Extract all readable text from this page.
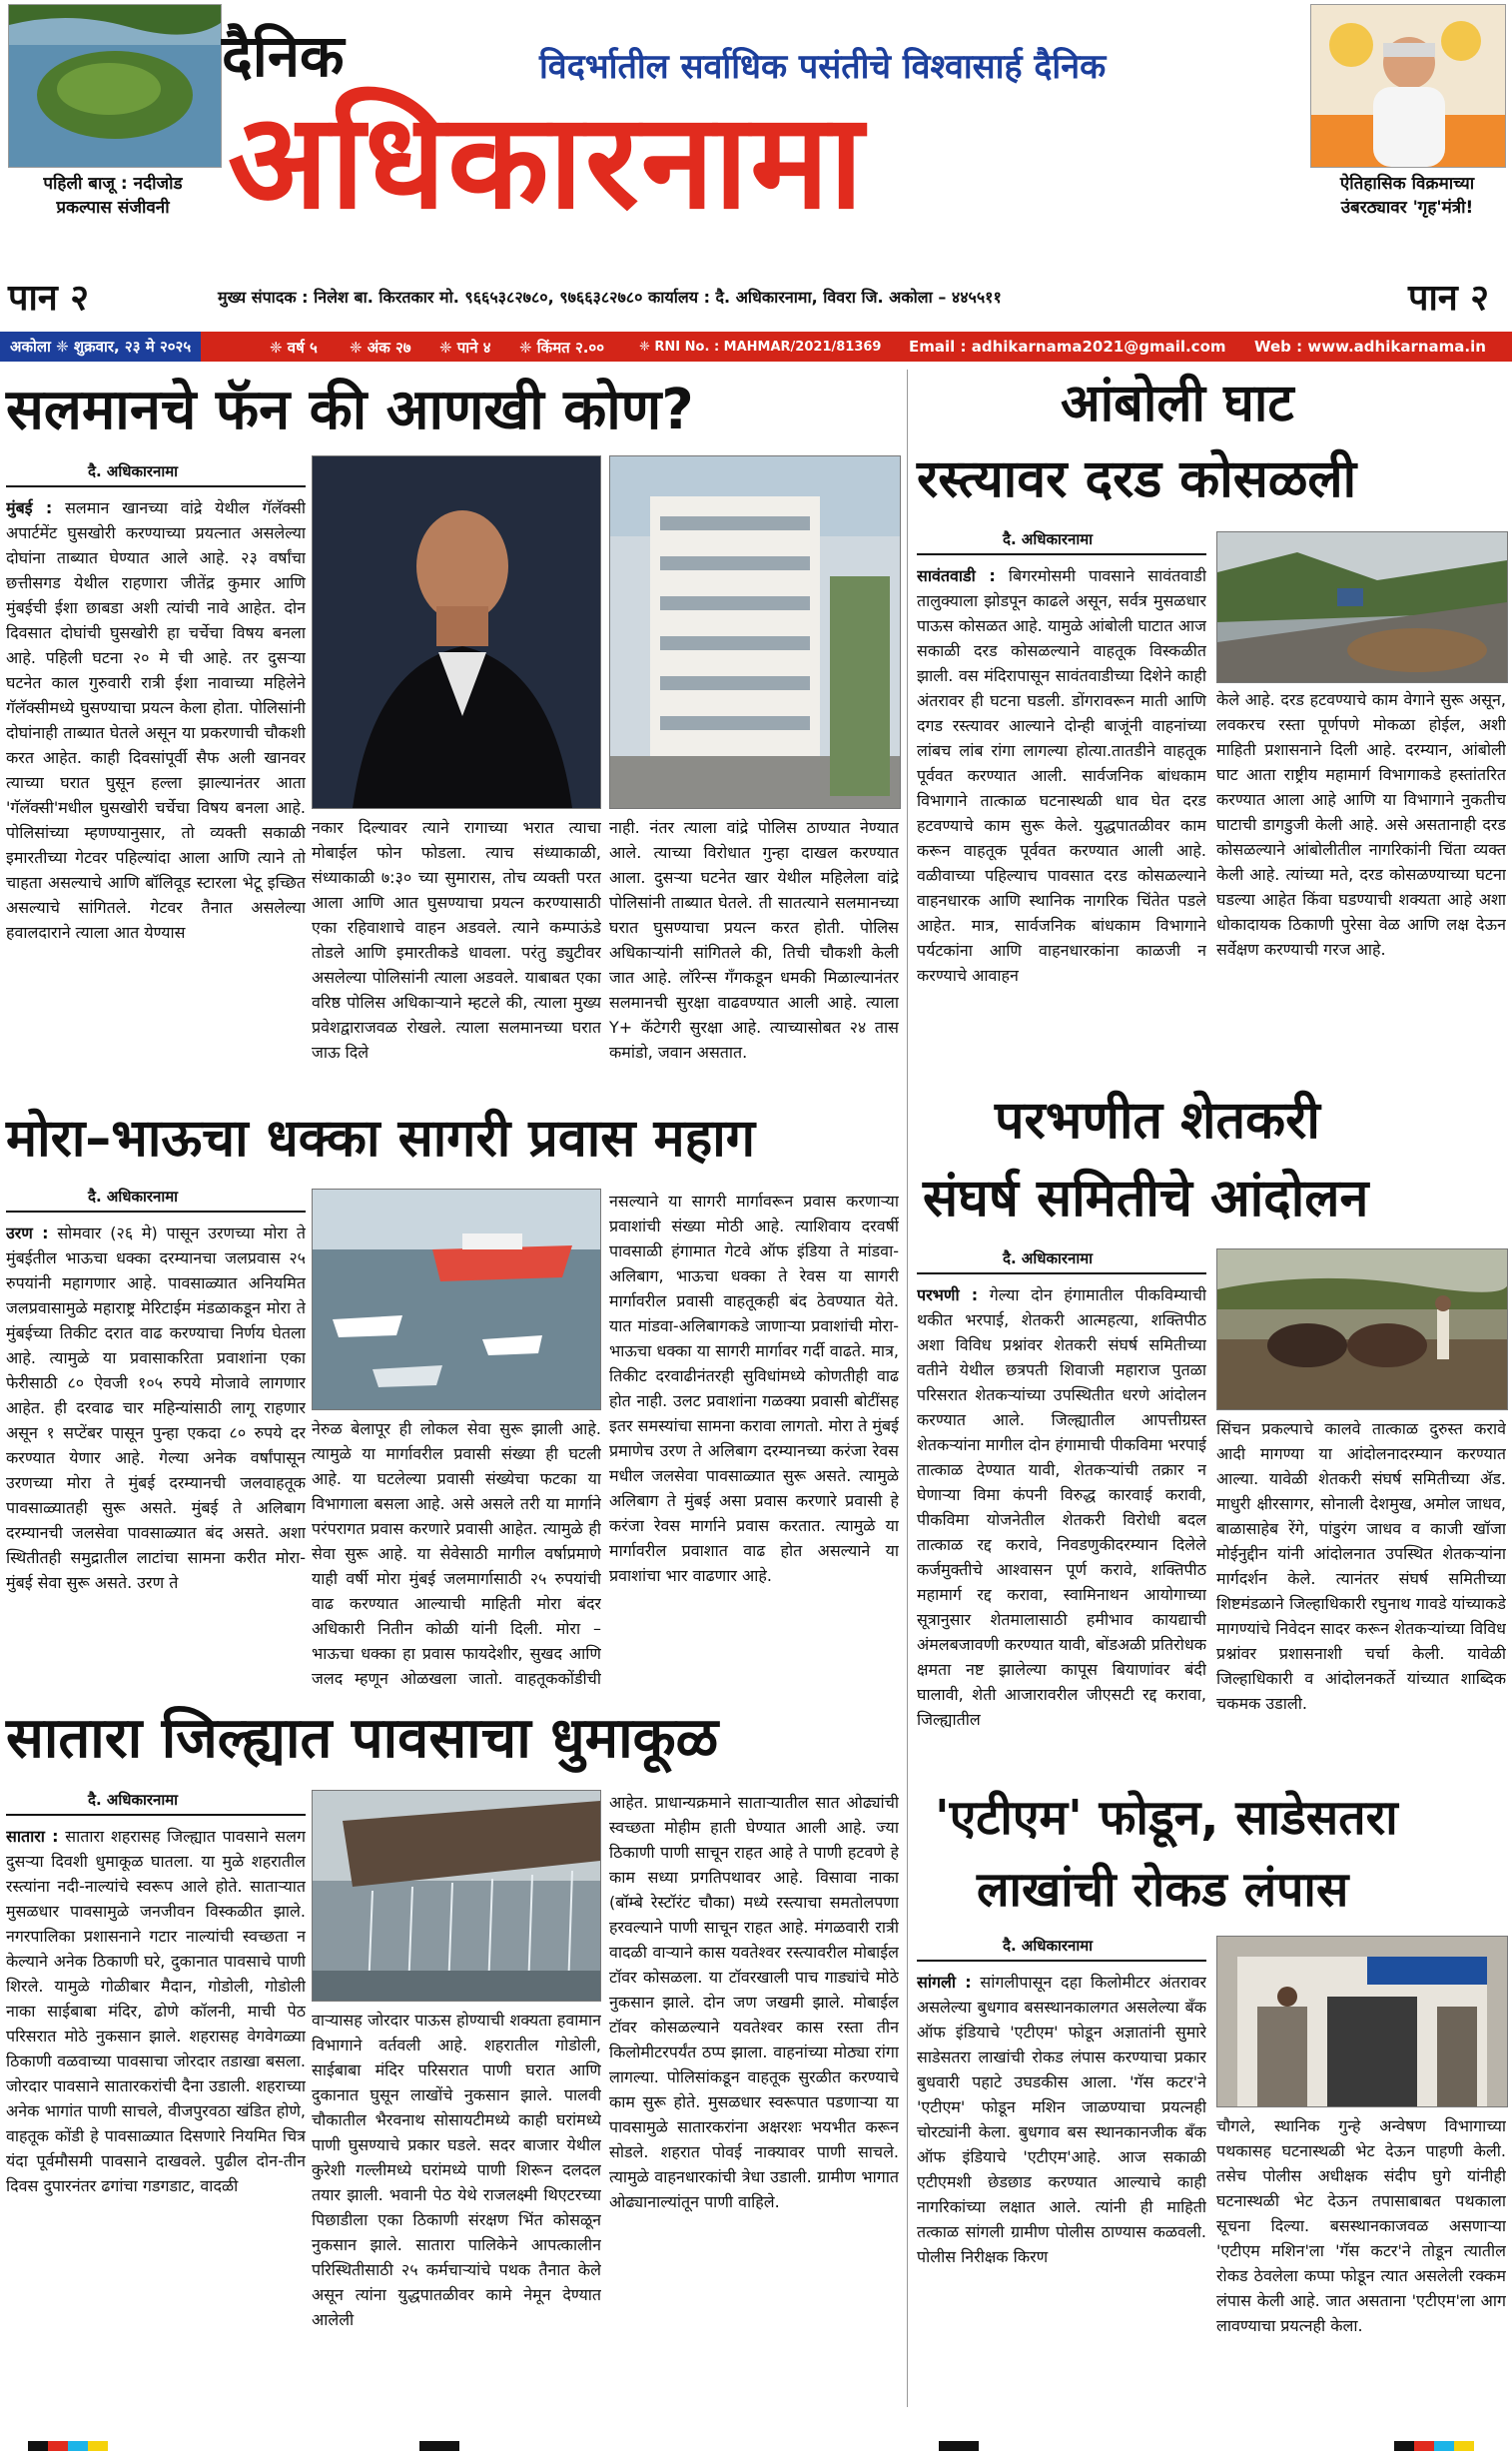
पहिली बाजू : नदीजोड प्रकल्पास संजीवनी
दैनिक	विदर्भातील सर्वाधिक पसंतीचे विश्वासार्ह दैनिक
अधिकारनामा	ऐतिहासिक विक्रमाच्या उंबरठ्यावर 'गृह'मंत्री!
पान २	मुख्य संपादक : निलेश बा. किरतकार मो. ९६६५३८२७८०, ९७६६३८२७८० कार्यालय : दै. अधिकारनामा, विवरा जि. अकोला – ४४५५११	पान २
अकोला ❈ शुक्रवार, २३ मे २०२५	❈ वर्ष ५ ❈ अंक २७ ❈ पाने ४ ❈ किंमत २.००	❈ RNI No. : MAHMAR/2021/81369 Email : adhikarnama2021@gmail.com Web : www.adhikarnama.in
सलमानचे फॅन की आणखी कोण?
दै. अधिकारनामा
मुंबई : सलमान खानच्या वांद्रे येथील गॅलॅक्सी अपार्टमेंट घुसखोरी करण्याच्या प्रयत्नात असलेल्या दोघांना ताब्यात घेण्यात आले आहे. २३ वर्षांचा छत्तीसगड येथील राहणारा जीतेंद्र कुमार आणि मुंबईची ईशा छाबडा अशी त्यांची नावे आहेत. दोन दिवसात दोघांची घुसखोरी हा चर्चेचा विषय बनला आहे. पहिली घटना २० मे ची आहे. तर दुसऱ्या घटनेत काल गुरुवारी रात्री ईशा नावाच्या महिलेने गॅलॅक्सीमध्ये घुसण्याचा प्रयत्न केला होता. पोलिसांनी दोघांनाही ताब्यात घेतले असून या प्रकरणाची चौकशी करत आहेत. काही दिवसांपूर्वी सैफ अली खानवर त्याच्या घरात घुसून हल्ला झाल्यानंतर आता 'गॅलॅक्सी'मधील घुसखोरी चर्चेचा विषय बनला आहे. पोलिसांच्या म्हणण्यानुसार, तो व्यक्ती सकाळी इमारतीच्या गेटवर पहिल्यांदा आला आणि त्याने तो चाहता असल्याचे आणि बॉलिवूड स्टारला भेटू इच्छित असल्याचे सांगितले. गेटवर तैनात असलेल्या हवालदाराने त्याला आत येण्यास
नकार दिल्यावर त्याने रागाच्या भरात त्याचा मोबाईल फोन फोडला. त्याच संध्याकाळी, संध्याकाळी ७:३० च्या सुमारास, तोच व्यक्ती परत आला आणि आत घुसण्याचा प्रयत्न करण्यासाठी एका रहिवाशाचे वाहन अडवले. त्याने कम्पाऊंडे तोडले आणि इमारतीकडे धावला. परंतु ड्युटीवर असलेल्या पोलिसांनी त्याला अडवले. याबाबत एका वरिष्ठ पोलिस अधिकाऱ्याने म्हटले की, त्याला मुख्य प्रवेशद्वाराजवळ रोखले. त्याला सलमानच्या घरात जाऊ दिले
नाही. नंतर त्याला वांद्रे पोलिस ठाण्यात नेण्यात आले. त्याच्या विरोधात गुन्हा दाखल करण्यात आला. दुसऱ्या घटनेत खार येथील महिलेला वांद्रे पोलिसांनी ताब्यात घेतले. ती सातत्याने सलमानच्या घरात घुसण्याचा प्रयत्न करत होती. पोलिस अधिकाऱ्यांनी सांगितले की, तिची चौकशी केली जात आहे. लॉरेन्स गँगकडून धमकी मिळाल्यानंतर सलमानची सुरक्षा वाढवण्यात आली आहे. त्याला Y+ कॅटेगरी सुरक्षा आहे. त्याच्यासोबत २४ तास कमांडो, जवान असतात.
आंबोली घाट
रस्त्यावर दरड कोसळली
दै. अधिकारनामा
सावंतवाडी : बिगरमोसमी पावसाने सावंतवाडी तालुक्याला झोडपून काढले असून, सर्वत्र मुसळधार पाऊस कोसळत आहे. यामुळे आंबोली घाटात आज सकाळी दरड कोसळल्याने वाहतूक विस्कळीत झाली. वस मंदिरापासून सावंतवाडीच्या दिशेने काही अंतरावर ही घटना घडली. डोंगरावरून माती आणि दगड रस्त्यावर आल्याने दोन्ही बाजूंनी वाहनांच्या लांबच लांब रांगा लागल्या होत्या.तातडीने वाहतूक पूर्ववत करण्यात आली. सार्वजनिक बांधकाम विभागाने तात्काळ घटनास्थळी धाव घेत दरड हटवण्याचे काम सुरू केले. युद्धपातळीवर काम करून वाहतूक पूर्ववत करण्यात आली आहे. वळीवाच्या पहिल्याच पावसात दरड कोसळल्याने वाहनधारक आणि स्थानिक नागरिक चिंतेत पडले आहेत. मात्र, सार्वजनिक बांधकाम विभागाने पर्यटकांना आणि वाहनधारकांना काळजी न करण्याचे आवाहन
केले आहे. दरड हटवण्याचे काम वेगाने सुरू असून, लवकरच रस्ता पूर्णपणे मोकळा होईल, अशी माहिती प्रशासनाने दिली आहे. दरम्यान, आंबोली घाट आता राष्ट्रीय महामार्ग विभागाकडे हस्तांतरित करण्यात आला आहे आणि या विभागाने नुकतीच घाटाची डागडुजी केली आहे. असे असतानाही दरड कोसळल्याने आंबोलीतील नागरिकांनी चिंता व्यक्त केली आहे. त्यांच्या मते, दरड कोसळण्याच्या घटना घडल्या आहेत किंवा घडण्याची शक्यता आहे अशा धोकादायक ठिकाणी पुरेसा वेळ आणि लक्ष देऊन सर्वेक्षण करण्याची गरज आहे.
मोरा–भाऊचा धक्का सागरी प्रवास महाग
दै. अधिकारनामा
उरण : सोमवार (२६ मे) पासून उरणच्या मोरा ते मुंबईतील भाऊचा धक्का दरम्यानचा जलप्रवास २५ रुपयांनी महागणार आहे. पावसाळ्यात अनियमित जलप्रवासामुळे महाराष्ट्र मेरिटाईम मंडळाकडून मोरा ते मुंबईच्या तिकीट दरात वाढ करण्याचा निर्णय घेतला आहे. त्यामुळे या प्रवासाकरिता प्रवाशांना एका फेरीसाठी ८० ऐवजी १०५ रुपये मोजावे लागणार आहेत. ही दरवाढ चार महिन्यांसाठी लागू राहणार असून १ सप्टेंबर पासून पुन्हा एकदा ८० रुपये दर करण्यात येणार आहे. गेल्या अनेक वर्षांपासून उरणच्या मोरा ते मुंबई दरम्यानची जलवाहतूक पावसाळ्यातही सुरू असते. मुंबई ते अलिबाग दरम्यानची जलसेवा पावसाळ्यात बंद असते. अशा स्थितीतही समुद्रातील लाटांचा सामना करीत मोरा-मुंबई सेवा सुरू असते. उरण ते
नेरुळ बेलापूर ही लोकल सेवा सुरू झाली आहे. त्यामुळे या मार्गावरील प्रवासी संख्या ही घटली आहे. या घटलेल्या प्रवासी संख्येचा फटका या विभागाला बसला आहे. असे असले तरी या मार्गाने परंपरागत प्रवास करणारे प्रवासी आहेत. त्यामुळे ही सेवा सुरू आहे. या सेवेसाठी मागील वर्षाप्रमाणे याही वर्षी मोरा मुंबई जलमार्गासाठी २५ रुपयांची वाढ करण्यात आल्याची माहिती मोरा बंदर अधिकारी नितीन कोळी यांनी दिली. मोरा – भाऊचा धक्का हा प्रवास फायदेशीर, सुखद आणि जलद म्हणून ओळखला जातो. वाहतूककोंडीची
नसल्याने या सागरी मार्गावरून प्रवास करणाऱ्या प्रवाशांची संख्या मोठी आहे. त्याशिवाय दरवर्षी पावसाळी हंगामात गेटवे ऑफ इंडिया ते मांडवा-अलिबाग, भाऊचा धक्का ते रेवस या सागरी मार्गावरील प्रवासी वाहतूकही बंद ठेवण्यात येते. यात मांडवा-अलिबागकडे जाणाऱ्या प्रवाशांची मोरा-भाऊचा धक्का या सागरी मार्गावर गर्दी वाढते. मात्र, तिकीट दरवाढीनंतरही सुविधांमध्ये कोणतीही वाढ होत नाही. उलट प्रवाशांना गळक्या प्रवासी बोटींसह इतर समस्यांचा सामना करावा लागतो. मोरा ते मुंबई प्रमाणेच उरण ते अलिबाग दरम्यानच्या करंजा रेवस मधील जलसेवा पावसाळ्यात सुरू असते. त्यामुळे अलिबाग ते मुंबई असा प्रवास करणारे प्रवासी हे करंजा रेवस मार्गाने प्रवास करतात. त्यामुळे या मार्गावरील प्रवाशात वाढ होत असल्याने या प्रवाशांचा भार वाढणार आहे.
परभणीत शेतकरी
संघर्ष समितीचे आंदोलन
दै. अधिकारनामा
परभणी : गेल्या दोन हंगामातील पीकविम्याची थकीत भरपाई, शेतकरी आत्महत्या, शक्तिपीठ अशा विविध प्रश्नांवर शेतकरी संघर्ष समितीच्या वतीने येथील छत्रपती शिवाजी महाराज पुतळा परिसरात शेतकऱ्यांच्या उपस्थितीत धरणे आंदोलन करण्यात आले. जिल्ह्यातील आपत्तीग्रस्त शेतकऱ्यांना मागील दोन हंगामाची पीकविमा भरपाई तात्काळ देण्यात यावी, शेतकऱ्यांची तक्रार न घेणाऱ्या विमा कंपनी विरुद्ध कारवाई करावी, पीकविमा योजनेतील शेतकरी विरोधी बदल तात्काळ रद्द करावे, निवडणुकीदरम्यान दिलेले कर्जमुक्तीचे आश्वासन पूर्ण करावे, शक्तिपीठ महामार्ग रद्द करावा, स्वामिनाथन आयोगाच्या सूत्रानुसार शेतमालासाठी हमीभाव कायद्याची अंमलबजावणी करण्यात यावी, बोंडअळी प्रतिरोधक क्षमता नष्ट झालेल्या कापूस बियाणांवर बंदी घालावी, शेती आजारावरील जीएसटी रद्द करावा, जिल्ह्यातील
सिंचन प्रकल्पाचे कालवे तात्काळ दुरुस्त करावे आदी मागण्या या आंदोलनादरम्यान करण्यात आल्या. यावेळी शेतकरी संघर्ष समितीच्या ॲड. माधुरी क्षीरसागर, सोनाली देशमुख, अमोल जाधव, बाळासाहेब रेंगे, पांडुरंग जाधव व काजी खॉजा मोईनुद्दीन यांनी आंदोलनात उपस्थित शेतकऱ्यांना मार्गदर्शन केले. त्यानंतर संघर्ष समितीच्या शिष्टमंडळाने जिल्हाधिकारी रघुनाथ गावडे यांच्याकडे मागण्यांचे निवेदन सादर करून शेतकऱ्यांच्या विविध प्रश्नांवर प्रशासनाशी चर्चा केली. यावेळी जिल्हाधिकारी व आंदोलनकर्ते यांच्यात शाब्दिक चकमक उडाली.
सातारा जिल्ह्यात पावसाचा धुमाकूळ
दै. अधिकारनामा
सातारा : सातारा शहरासह जिल्ह्यात पावसाने सलग दुसऱ्या दिवशी धुमाकूळ घातला. या मुळे शहरातील रस्त्यांना नदी-नाल्यांचे स्वरूप आले होते. सातार्‍यात मुसळधार पावसामुळे जनजीवन विस्कळीत झाले. नगरपालिका प्रशासनाने गटार नाल्यांची स्वच्छता न केल्याने अनेक ठिकाणी घरे, दुकानात पावसाचे पाणी शिरले. यामुळे गोळीबार मैदान, गोडोली, गोडोली नाका साईबाबा मंदिर, ढोणे कॉलनी, माची पेठ परिसरात मोठे नुकसान झाले. शहरासह वेगवेगळ्या ठिकाणी वळवाच्या पावसाचा जोरदार तडाखा बसला. जोरदार पावसाने सातारकरांची दैना उडाली. शहराच्या अनेक भागांत पाणी साचले, वीजपुरवठा खंडित होणे, वाहतूक कोंडी हे पावसाळ्यात दिसणारे नियमित चित्र यंदा पूर्वमौसमी पावसाने दाखवले. पुढील दोन-तीन दिवस दुपारनंतर ढगांचा गडगडाट, वादळी
वाऱ्यासह जोरदार पाऊस होण्याची शक्यता हवामान विभागाने वर्तवली आहे. शहरातील गोडोली, साईबाबा मंदिर परिसरात पाणी घरात आणि दुकानात घुसून लाखोंचे नुकसान झाले. पालवी चौकातील भैरवनाथ सोसायटीमध्ये काही घरांमध्ये पाणी घुसण्याचे प्रकार घडले. सदर बाजार येथील कुरेशी गल्लीमध्ये घरांमध्ये पाणी शिरून दलदल तयार झाली. भवानी पेठ येथे राजलक्ष्मी थिएटरच्या पिछाडीला एका ठिकाणी संरक्षण भिंत कोसळून नुकसान झाले. सातारा पालिकेने आपत्कालीन परिस्थितीसाठी २५ कर्मचाऱ्यांचे पथक तैनात केले असून त्यांना युद्धपातळीवर कामे नेमून देण्यात आलेली
आहेत. प्राधान्यक्रमाने साताऱ्यातील सात ओढ्यांची स्वच्छता मोहीम हाती घेण्यात आली आहे. ज्या ठिकाणी पाणी साचून राहत आहे ते पाणी हटवणे हे काम सध्या प्रगतिपथावर आहे. विसावा नाका (बॉम्बे रेस्टॉरंट चौका) मध्ये रस्त्याचा समतोलपणा हरवल्याने पाणी साचून राहत आहे. मंगळवारी रात्री वादळी वाऱ्याने कास यवतेश्वर रस्त्यावरील मोबाईल टॉवर कोसळला. या टॉवरखाली पाच गाड्यांचे मोठे नुकसान झाले. दोन जण जखमी झाले. मोबाईल टॉवर कोसळल्याने यवतेश्वर कास रस्ता तीन किलोमीटरपर्यंत ठप्प झाला. वाहनांच्या मोठ्या रांगा लागल्या. पोलिसांकडून वाहतूक सुरळीत करण्याचे काम सुरू होते. मुसळधार स्वरूपात पडणाऱ्या या पावसामुळे सातारकरांना अक्षरशः भयभीत करून सोडले. शहरात पोवई नाक्यावर पाणी साचले. त्यामुळे वाहनधारकांची त्रेधा उडाली. ग्रामीण भागात ओढ्यानाल्यांतून पाणी वाहिले.
'एटीएम' फोडून, साडेसतरा
लाखांची रोकड लंपास
दै. अधिकारनामा
सांगली : सांगलीपासून दहा किलोमीटर अंतरावर असलेल्या बुधगाव बसस्थानकालगत असलेल्या बँक ऑफ इंडियाचे 'एटीएम' फोडून अज्ञातांनी सुमारे साडेसतरा लाखांची रोकड लंपास करण्याचा प्रकार बुधवारी पहाटे उघडकीस आला. 'गॅस कटर'ने 'एटीएम' फोडून मशिन जाळण्याचा प्रयत्नही चोरट्यांनी केला. बुधगाव बस स्थानकानजीक बँक ऑफ इंडियाचे 'एटीएम'आहे. आज सकाळी एटीएमशी छेडछाड करण्यात आल्याचे काही नागरिकांच्या लक्षात आले. त्यांनी ही माहिती तत्काळ सांगली ग्रामीण पोलीस ठाण्यास कळवली. पोलीस निरीक्षक किरण
चौगले, स्थानिक गुन्हे अन्वेषण विभागाच्या पथकासह घटनास्थळी भेट देऊन पाहणी केली. तसेच पोलीस अधीक्षक संदीप घुगे यांनीही घटनास्थळी भेट देऊन तपासाबाबत पथकाला सूचना दिल्या. बसस्थानकाजवळ असणाऱ्या 'एटीएम मशिन'ला 'गॅस कटर'ने तोडून त्यातील रोकड ठेवलेला कप्पा फोडून त्यात असलेली रक्कम लंपास केली आहे. जात असताना 'एटीएम'ला आग लावण्याचा प्रयत्नही केला.
